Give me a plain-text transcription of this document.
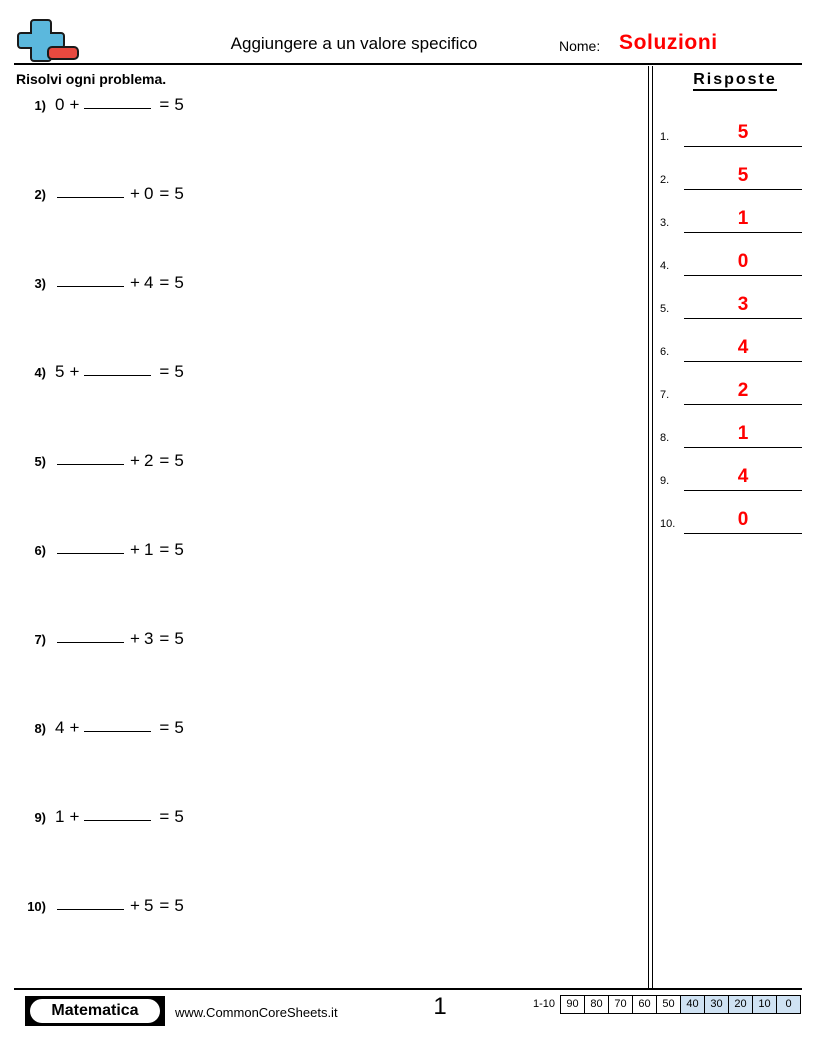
Aggiungere a un valore specifico	Nome: Soluzioni
Risolvi ogni problema.	Risposte
1) 0 +	= 5
2)	+ 0 = 5
3)	+ 4 = 5
4) 5 +	= 5
5)	+ 2 = 5
6)	+ 1 = 5
7)	+ 3 = 5
8) 4 +	= 5
9) 1 +	= 5
10)	+ 5 = 5
1.	5
2.	5
3.	1
4.	0
5.	3
6.	4
7.	2
8.	1
9.	4
10.	0
1
Matematica	www.CommonCoreSheets.it
1-10	90	80	70	60	50	40	30	20	10	0
